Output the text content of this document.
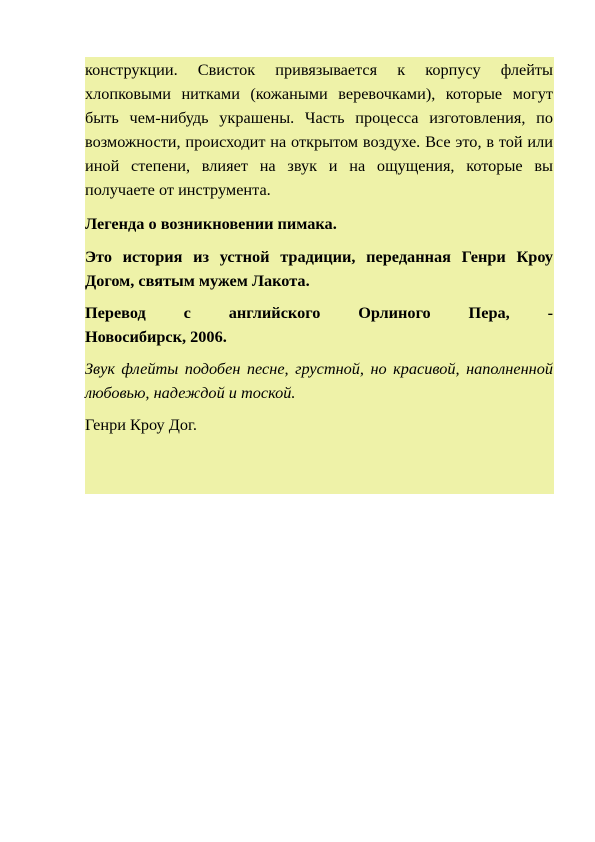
конструкции. Свисток привязывается к корпусу флейты хлопковыми нитками (кожаными веревочками), которые могут быть чем-нибудь украшены. Часть процесса изготовления, по возможности, происходит на открытом воздухе. Все это, в той или иной степени, влияет на звук и на ощущения, которые вы получаете от инструмента.

Легенда о возникновении пимака.

Это история из устной традиции, переданная Генри Кроу Догом, святым мужем Лакота.

Перевод с английского Орлиного Пера, -
Новосибирск, 2006.

Звук флейты подобен песне, грустной, но красивой, наполненной любовью, надеждой и тоской.

Генри Кроу Дог.
